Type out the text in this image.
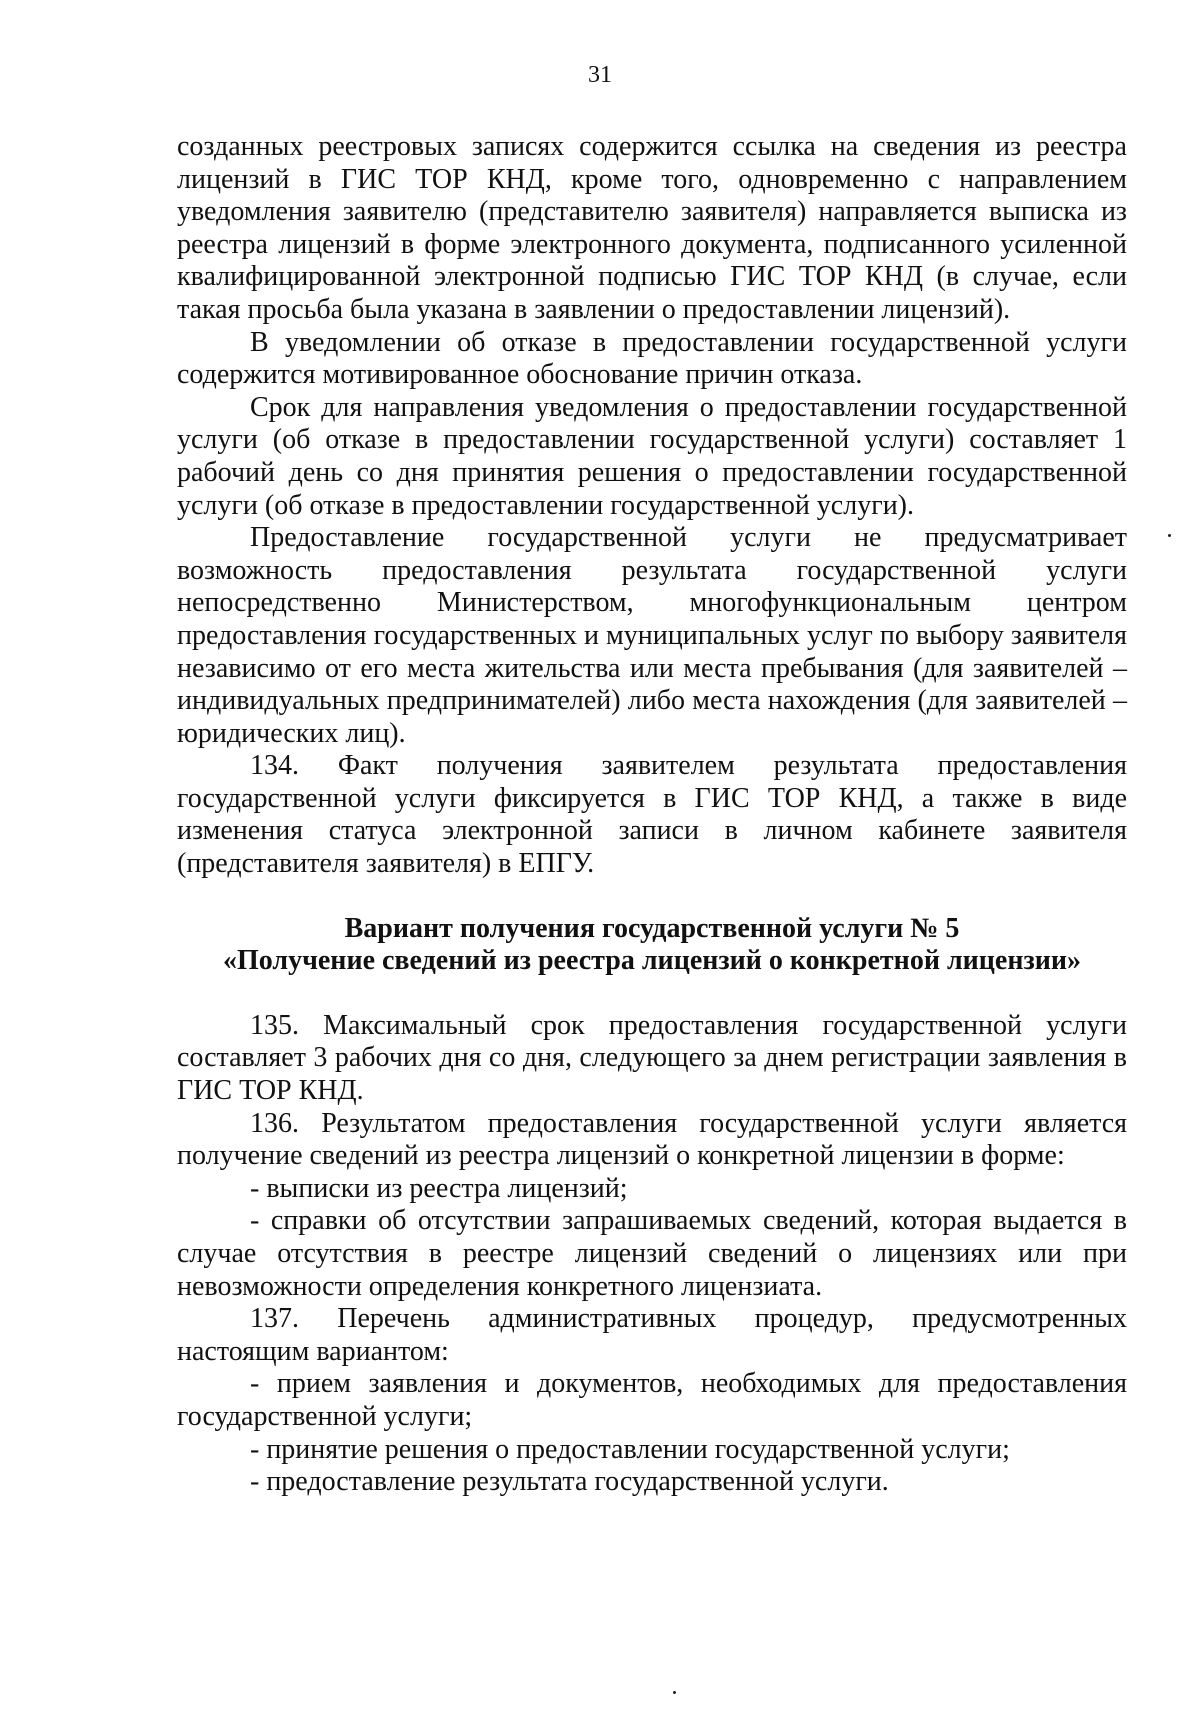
31

созданных реестровых записях содержится ссылка на сведения из реестра лицензий в ГИС ТОР КНД, кроме того, одновременно с направлением уведомления заявителю (представителю заявителя) направляется выписка из реестра лицензий в форме электронного документа, подписанного усиленной квалифицированной электронной подписью ГИС ТОР КНД (в случае, если такая просьба была указана в заявлении о предоставлении лицензий).

В уведомлении об отказе в предоставлении государственной услуги содержится мотивированное обоснование причин отказа.

Срок для направления уведомления о предоставлении государственной услуги (об отказе в предоставлении государственной услуги) составляет 1 рабочий день со дня принятия решения о предоставлении государственной услуги (об отказе в предоставлении государственной услуги).

Предоставление государственной услуги не предусматривает возможность предоставления результата государственной услуги непосредственно Министерством, многофункциональным центром предоставления государственных и муниципальных услуг по выбору заявителя независимо от его места жительства или места пребывания (для заявителей – индивидуальных предпринимателей) либо места нахождения (для заявителей – юридических лиц).

134. Факт получения заявителем результата предоставления государственной услуги фиксируется в ГИС ТОР КНД, а также в виде изменения статуса электронной записи в личном кабинете заявителя (представителя заявителя) в ЕПГУ.

Вариант получения государственной услуги № 5

«Получение сведений из реестра лицензий о конкретной лицензии»

135. Максимальный срок предоставления государственной услуги составляет 3 рабочих дня со дня, следующего за днем регистрации заявления в ГИС ТОР КНД.

136. Результатом предоставления государственной услуги является получение сведений из реестра лицензий о конкретной лицензии в форме:

- выписки из реестра лицензий;

- справки об отсутствии запрашиваемых сведений, которая выдается в случае отсутствия в реестре лицензий сведений о лицензиях или при невозможности определения конкретного лицензиата.

137. Перечень административных процедур, предусмотренных настоящим вариантом:

- прием заявления и документов, необходимых для предоставления государственной услуги;

- принятие решения о предоставлении государственной услуги;

- предоставление результата государственной услуги.
